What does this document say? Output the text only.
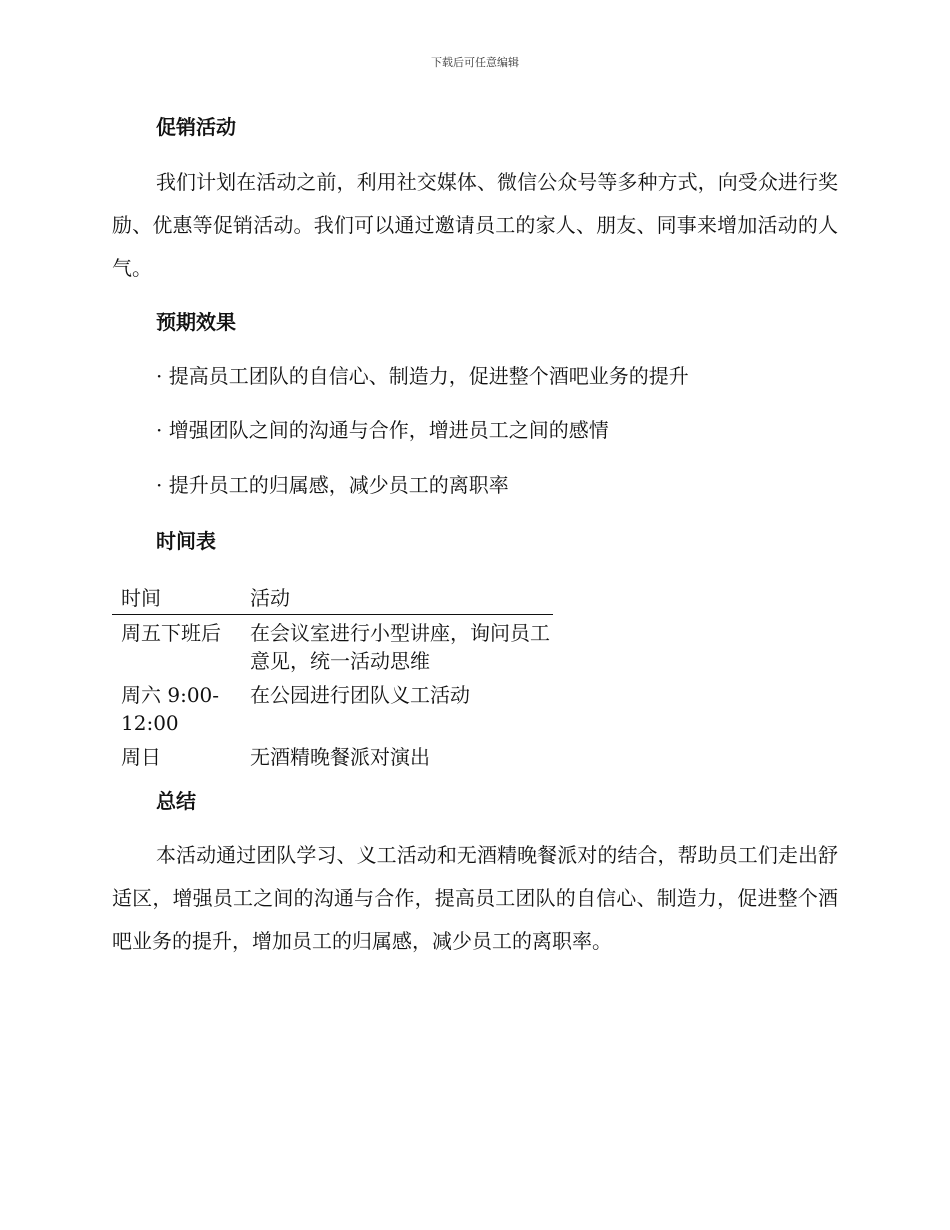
下载后可任意编辑
促销活动

我们计划在活动之前，利用社交媒体、微信公众号等多种方式，向受众进行奖励、优惠等促销活动。我们可以通过邀请员工的家人、朋友、同事来增加活动的人气。

预期效果

· 提高员工团队的自信心、制造力，促进整个酒吧业务的提升

· 增强团队之间的沟通与合作，增进员工之间的感情

· 提升员工的归属感，减少员工的离职率

时间表
时间	活动
周五下班后	在会议室进行小型讲座，询问员工意见，统一活动思维
周六 9:00-12:00	在公园进行团队义工活动
周日	无酒精晚餐派对演出
总结

本活动通过团队学习、义工活动和无酒精晚餐派对的结合，帮助员工们走出舒适区，增强员工之间的沟通与合作，提高员工团队的自信心、制造力，促进整个酒吧业务的提升，增加员工的归属感，减少员工的离职率。
